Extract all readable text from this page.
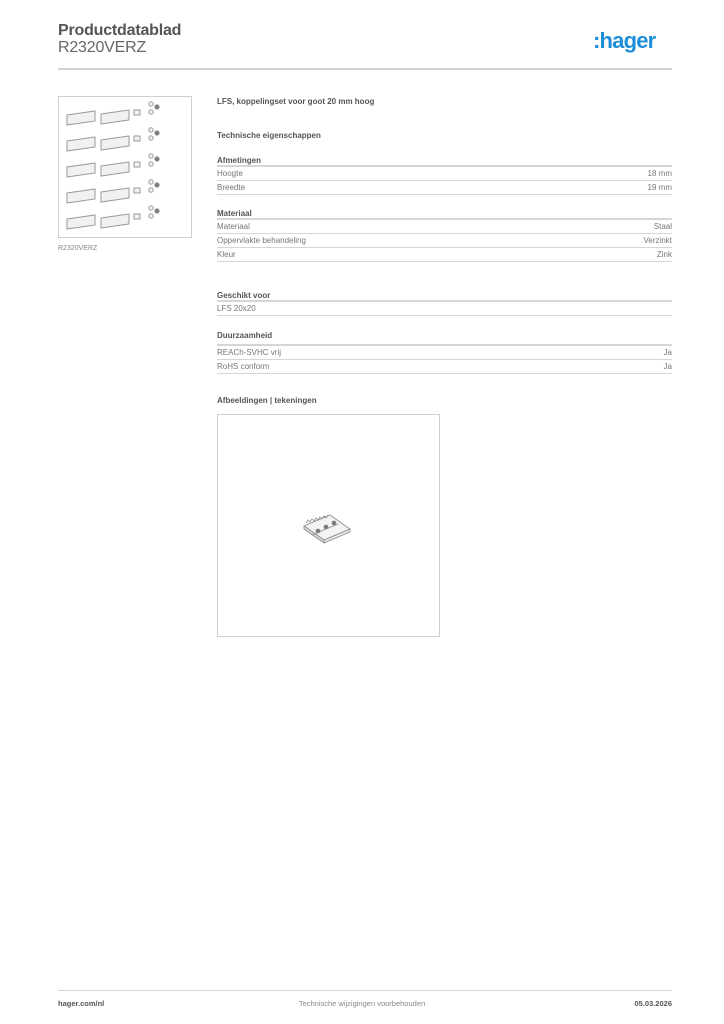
Productdatablad
R2320VERZ	:hager
R2320VERZ
LFS, koppelingset voor goot 20 mm hoog
Technische eigenschappen
Afmetingen
Hoogte	18 mm
Breedte	19 mm
Materiaal
Materiaal	Staal
Oppervlakte behandeling	Verzinkt
Kleur	Zink
Geschikt voor
LFS 20x20
Duurzaamheid
REACh-SVHC vrij	Ja
RoHS conform	Ja
Afbeeldingen | tekeningen
hager.com/nl	Technische wijzigingen voorbehouden	05.03.2026
